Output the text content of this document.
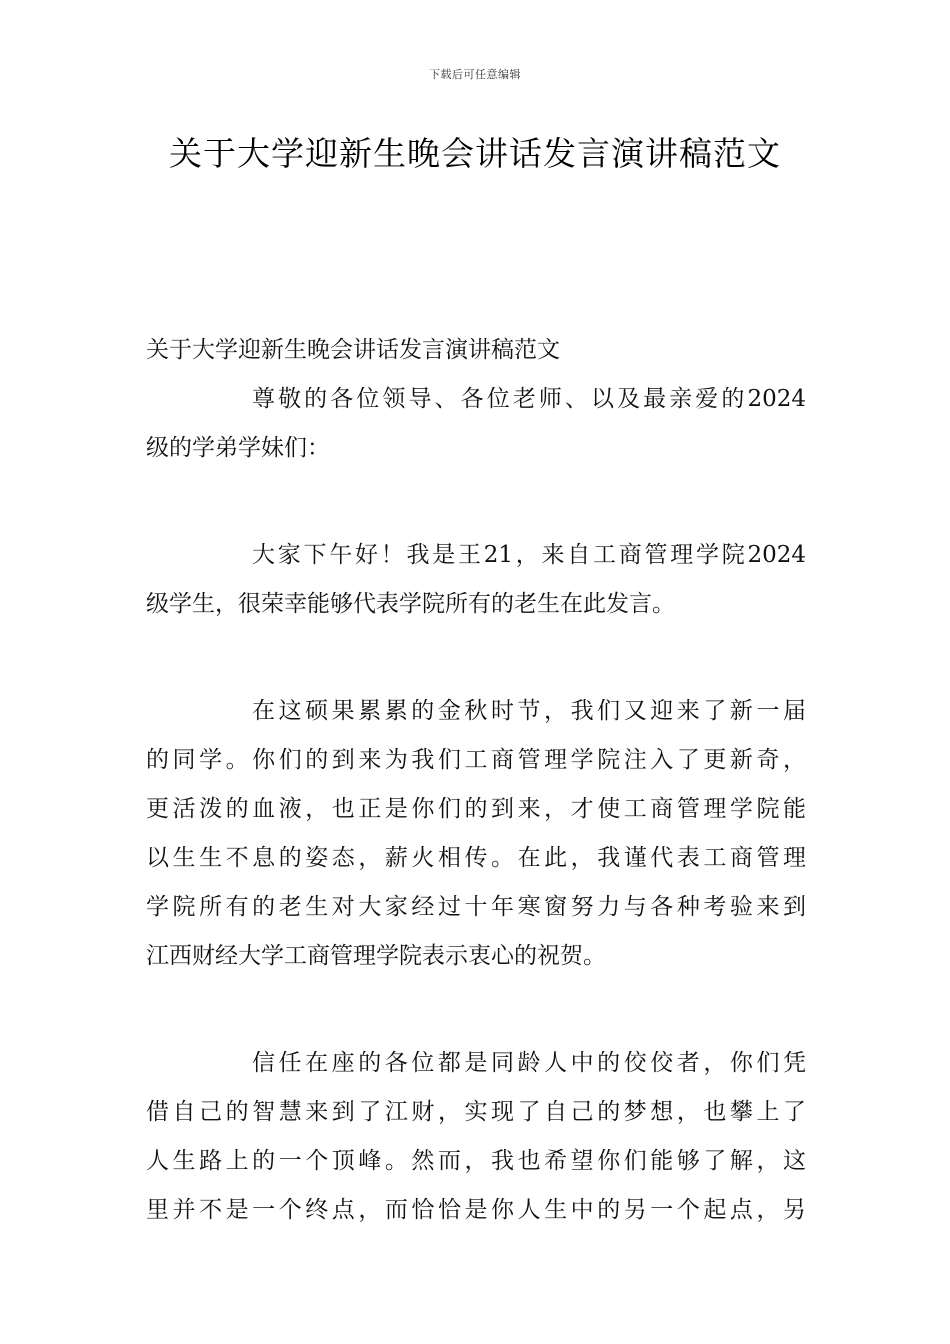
下载后可任意编辑
关于大学迎新生晚会讲话发言演讲稿范文
关于大学迎新生晚会讲话发言演讲稿范文
尊敬的各位领导、各位老师、以及最亲爱的2024
级的学弟学妹们：
大家下午好！我是王21，来自工商管理学院2024
级学生，很荣幸能够代表学院所有的老生在此发言。
在这硕果累累的金秋时节，我们又迎来了新一届
的同学。你们的到来为我们工商管理学院注入了更新奇，
更活泼的血液，也正是你们的到来，才使工商管理学院能
以生生不息的姿态，薪火相传。在此，我谨代表工商管理
学院所有的老生对大家经过十年寒窗努力与各种考验来到
江西财经大学工商管理学院表示衷心的祝贺。
信任在座的各位都是同龄人中的佼佼者，你们凭
借自己的智慧来到了江财，实现了自己的梦想，也攀上了
人生路上的一个顶峰。然而，我也希望你们能够了解，这
里并不是一个终点，而恰恰是你人生中的另一个起点，另
